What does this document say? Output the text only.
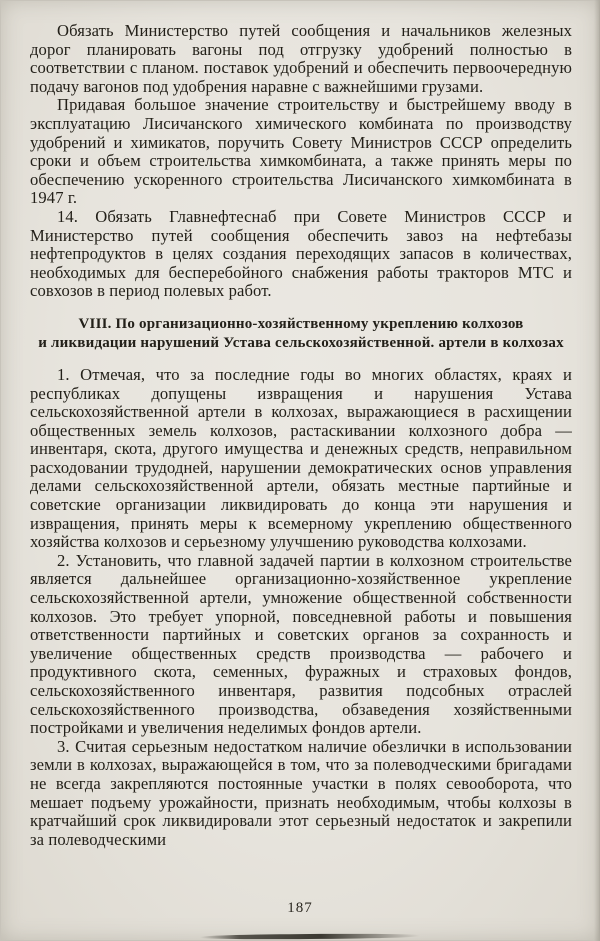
Обязать Министерство путей сообщения и начальников железных дорог планировать вагоны под отгрузку удобрений полностью в соответствии с планом. поставок удобрений и обеспечить первоочередную подачу вагонов под удобрения наравне с важнейшими грузами.

Придавая большое значение строительству и быстрейшему вводу в эксплуатацию Лисичанского химического комбината по производству удобрений и химикатов, поручить Совету Министров СССР определить сроки и объем строительства химкомбината, а также принять меры по обеспечению ускоренного строительства Лисичанского химкомбината в 1947 г.

14. Обязать Главнефтеснаб при Совете Министров СССР и Министерство путей сообщения обеспечить завоз на нефтебазы нефтепродуктов в целях создания переходящих запасов в количествах, необходимых для бесперебойного снабжения работы тракторов МТС и совхозов в период полевых работ.

VIII. По организационно-хозяйственному укреплению колхозов
и ликвидации нарушений Устава сельскохозяйственной. артели в колхозах

1. Отмечая, что за последние годы во многих областях, краях и республиках допущены извращения и нарушения Устава сельскохозяйственной артели в колхозах, выражающиеся в расхищении общественных земель колхозов, растаскивании колхозного добра — инвентаря, скота, другого имущества и денежных средств, неправильном расходовании трудодней, нарушении демократических основ управления делами сельскохозяйственной артели, обязать местные партийные и советские организации ликвидировать до конца эти нарушения и извращения, принять меры к всемерному укреплению общественного хозяйства колхозов и серьезному улучшению руководства колхозами.

2. Установить, что главной задачей партии в колхозном строительстве является дальнейшее организационно-хозяйственное укрепление сельскохозяйственной артели, умножение общественной собственности колхозов. Это требует упорной, повседневной работы и повышения ответственности партийных и советских органов за сохранность и увеличение общественных средств производства — рабочего и продуктивного скота, семенных, фуражных и страховых фондов, сельскохозяйственного инвентаря, развития подсобных отраслей сельскохозяйственного производства, обзаведения хозяйственными постройками и увеличения неделимых фондов артели.

3. Считая серьезным недостатком наличие обезлички в использовании земли в колхозах, выражающейся в том, что за полеводческими бригадами не всегда закрепляются постоянные участки в полях севооборота, что мешает подъему урожайности, признать необходимым, чтобы колхозы в кратчайший срок ликвидировали этот серьезный недостаток и закрепили за полеводческими

187
